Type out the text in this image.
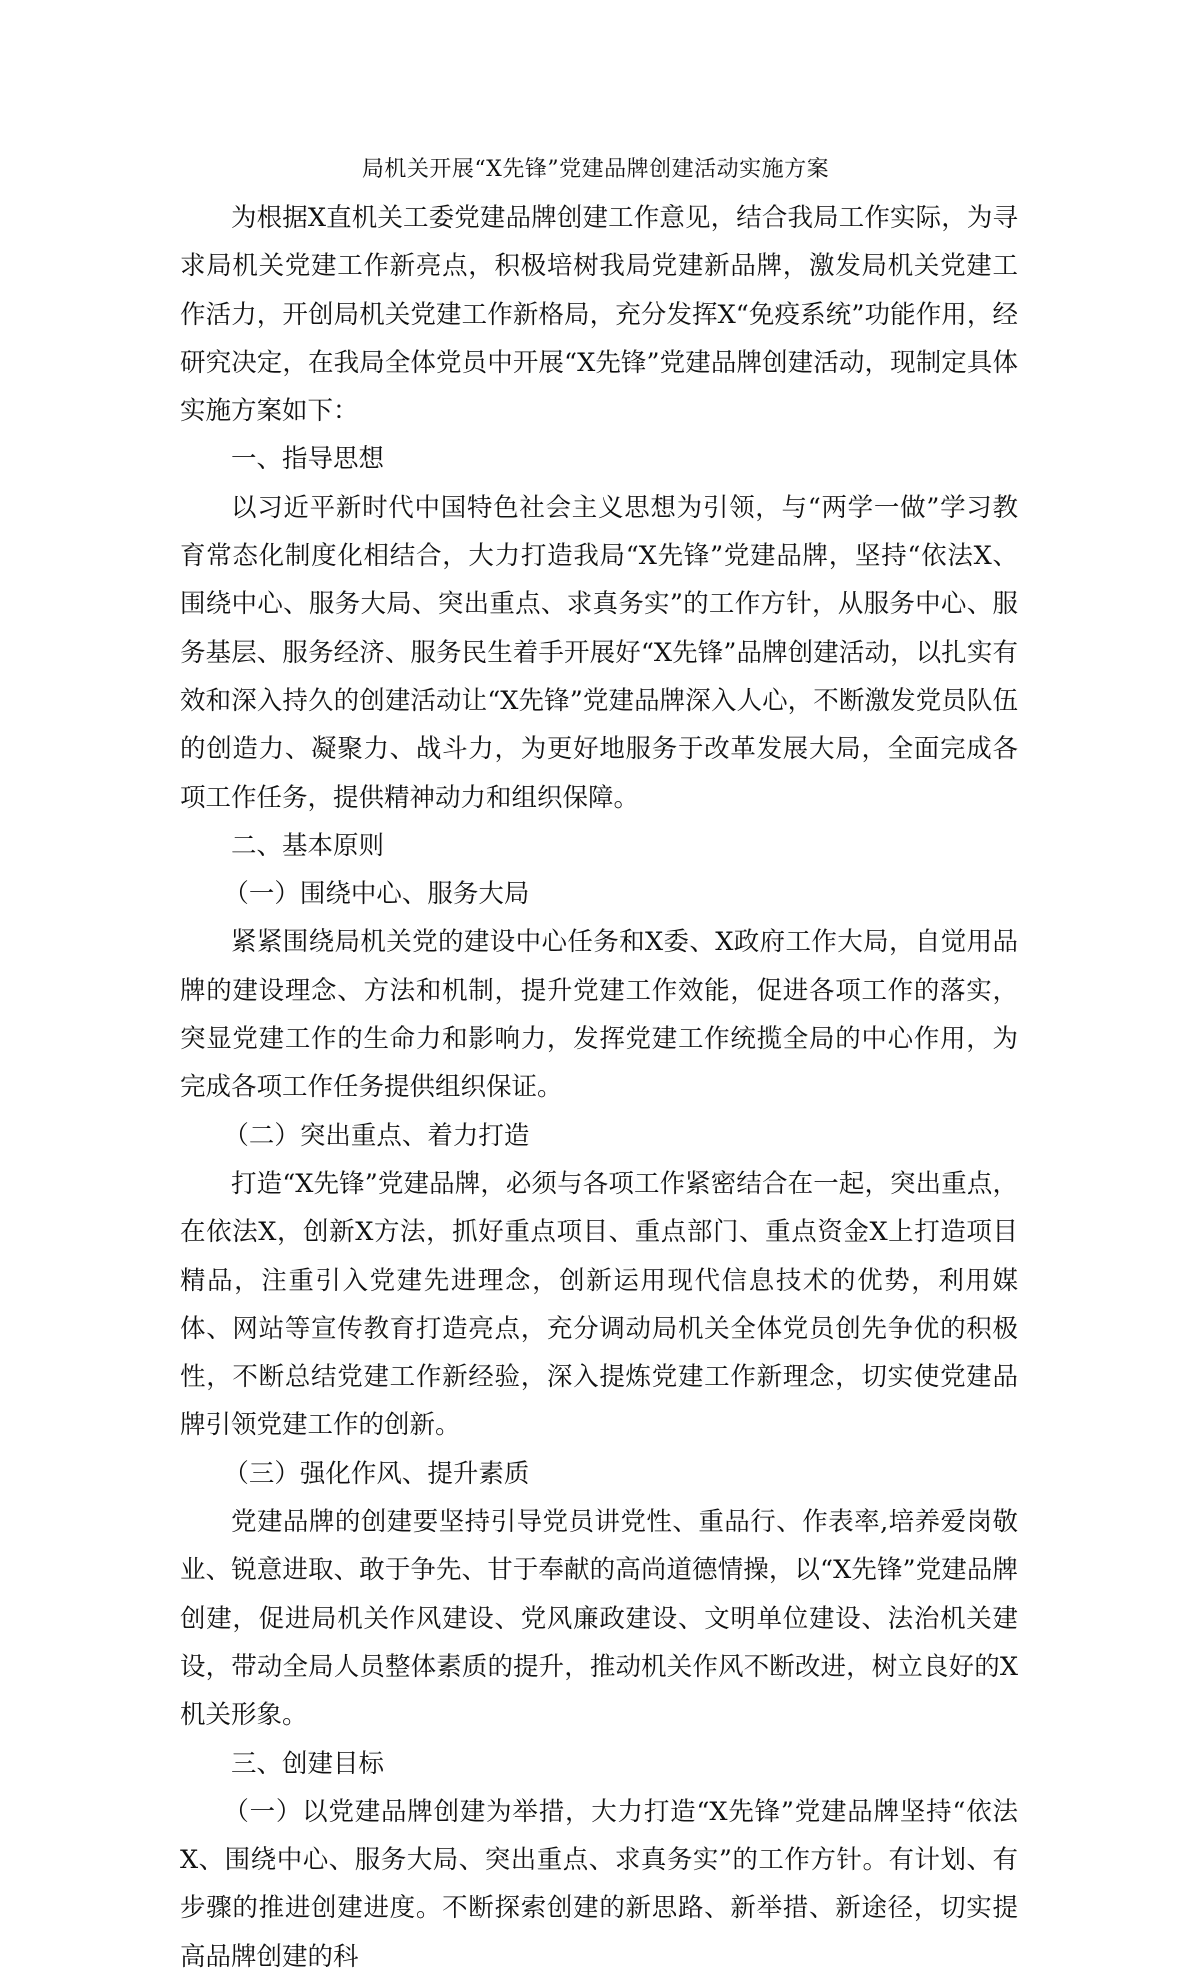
局机关开展“X先锋”党建品牌创建活动实施方案

为根据X直机关工委党建品牌创建工作意见，结合我局工作实际，为寻求局机关党建工作新亮点，积极培树我局党建新品牌，激发局机关党建工作活力，开创局机关党建工作新格局，充分发挥X“免疫系统”功能作用，经研究决定，在我局全体党员中开展“X先锋”党建品牌创建活动，现制定具体实施方案如下：

一、指导思想

以习近平新时代中国特色社会主义思想为引领，与“两学一做”学习教育常态化制度化相结合，大力打造我局“X先锋”党建品牌，坚持“依法X、围绕中心、服务大局、突出重点、求真务实”的工作方针，从服务中心、服务基层、服务经济、服务民生着手开展好“X先锋”品牌创建活动，以扎实有效和深入持久的创建活动让“X先锋”党建品牌深入人心，不断激发党员队伍的创造力、凝聚力、战斗力，为更好地服务于改革发展大局，全面完成各项工作任务，提供精神动力和组织保障。

二、基本原则

（一）围绕中心、服务大局

紧紧围绕局机关党的建设中心任务和X委、X政府工作大局，自觉用品牌的建设理念、方法和机制，提升党建工作效能，促进各项工作的落实，突显党建工作的生命力和影响力，发挥党建工作统揽全局的中心作用，为完成各项工作任务提供组织保证。

（二）突出重点、着力打造

打造“X先锋”党建品牌，必须与各项工作紧密结合在一起，突出重点，在依法X，创新X方法，抓好重点项目、重点部门、重点资金X上打造项目精品，注重引入党建先进理念，创新运用现代信息技术的优势，利用媒体、网站等宣传教育打造亮点，充分调动局机关全体党员创先争优的积极性，不断总结党建工作新经验，深入提炼党建工作新理念，切实使党建品牌引领党建工作的创新。

（三）强化作风、提升素质

党建品牌的创建要坚持引导党员讲党性、重品行、作表率,培养爱岗敬业、锐意进取、敢于争先、甘于奉献的高尚道德情操，以“X先锋”党建品牌创建，促进局机关作风建设、党风廉政建设、文明单位建设、法治机关建设，带动全局人员整体素质的提升，推动机关作风不断改进，树立良好的X机关形象。

三、创建目标

（一）以党建品牌创建为举措，大力打造“X先锋”党建品牌坚持“依法X、围绕中心、服务大局、突出重点、求真务实”的工作方针。有计划、有步骤的推进创建进度。不断探索创建的新思路、新举措、新途径，切实提高品牌创建的科
